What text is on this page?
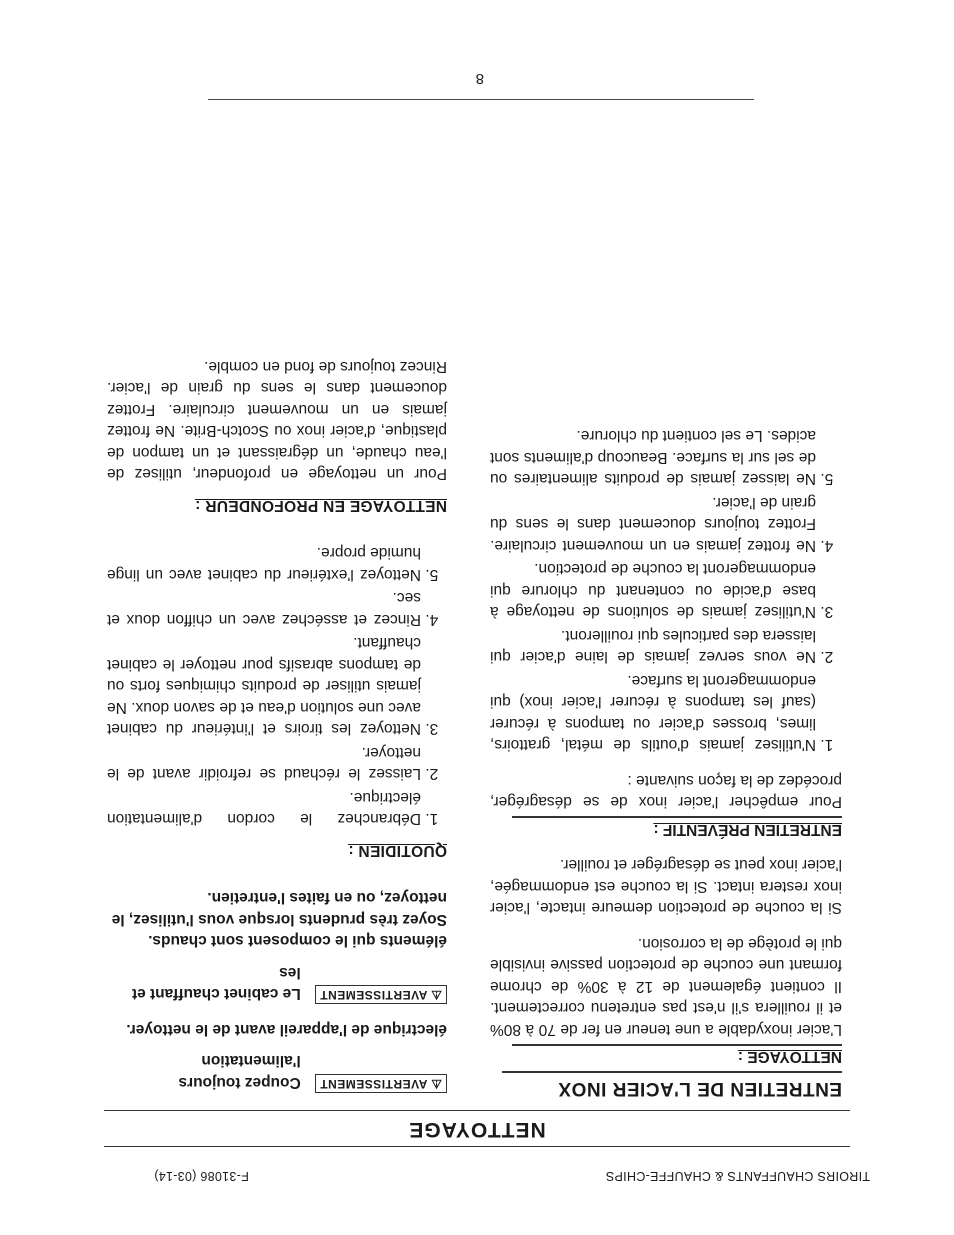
TIROIRS CHAUFFANTS & CHAUFFE-CHIPS
F-31086 (03-14)
NETTOYAGE
⚠ AVERTISSEMENT
Coupez toujours l'alimentation
électrique de l'appareil avant de le nettoyer.
⚠ AVERTISSEMENT
Le cabinet chauffant et les
éléments qui le composent sont chauds. Soyez très prudents lorsque vous l'utilisez, le nettoyez, ou en faites l'entretien.
QUOTIDIEN :
1. Débranchez le cordon d'alimentation électrique.
2. Laissez le réchaud se refroidir avant de le nettoyer.
3. Nettoyez les tiroirs et l'intérieur du cabinet avec une solution d'eau et de savon doux. Ne jamais utiliser de produits chimiques forts ou de tampons abrasifs pour nettoyer le cabinet chauffant.
4. Rincez et asséchez avec un chiffon doux et sec.
5. Nettoyez l'extérieur du cabinet avec un linge humide propre.
NETTOYAGE EN PROFONDEUR :

Pour un nettoyage en profondeur, utilisez de l'eau chaude, un dégraissant et un tampon de plastique, d'acier inox ou Scotch-Brite. Ne frottez jamais en un mouvement circulaire. Frottez doucement dans le sens du grain de l'acier. Rincez toujours de fond en comble.

ENTRETIEN DE L'ACIER INOX
NETTOYAGE :

L'acier inoxydable a une teneur en fer de 70 à 80% et il rouillera s'il n'est pas entretenu correctement. Il contient également de 12 à 30% de chrome formant une couche de protection passive invisible qui le protège de la corrosion.

Si la couche de protection demeure intacte, l'acier inox restera intact. Si la couche est endommagée, l'acier inox peut se désagréger et rouiller.

ENTRETIEN PRÉVENTIF :

Pour empêcher l'acier inox de se désagréger, procédez de la façon suivante :

1. N'utilisez jamais d'outils de métal, grattoirs, limes, brosses d'acier ou tampons à récurer (sauf les tampons à récurer l'acier inox) qui endommageront la surface.
2. Ne vous servez jamais de laine d'acier qui laissera des particules qui rouilleront.
3. N'utilisez jamais de solutions de nettoyage à base d'acide ou contenant du chlorure qui endommageront la couche de protection.
4. Ne frottez jamais en un mouvement circulaire. Frottez toujours doucement dans le sens du grain de l'acier.
5. Ne laissez jamais de produits alimentaires ou de sel sur la surface. Beaucoup d'aliments sont acides. Le sel contient du chlorure.
8
